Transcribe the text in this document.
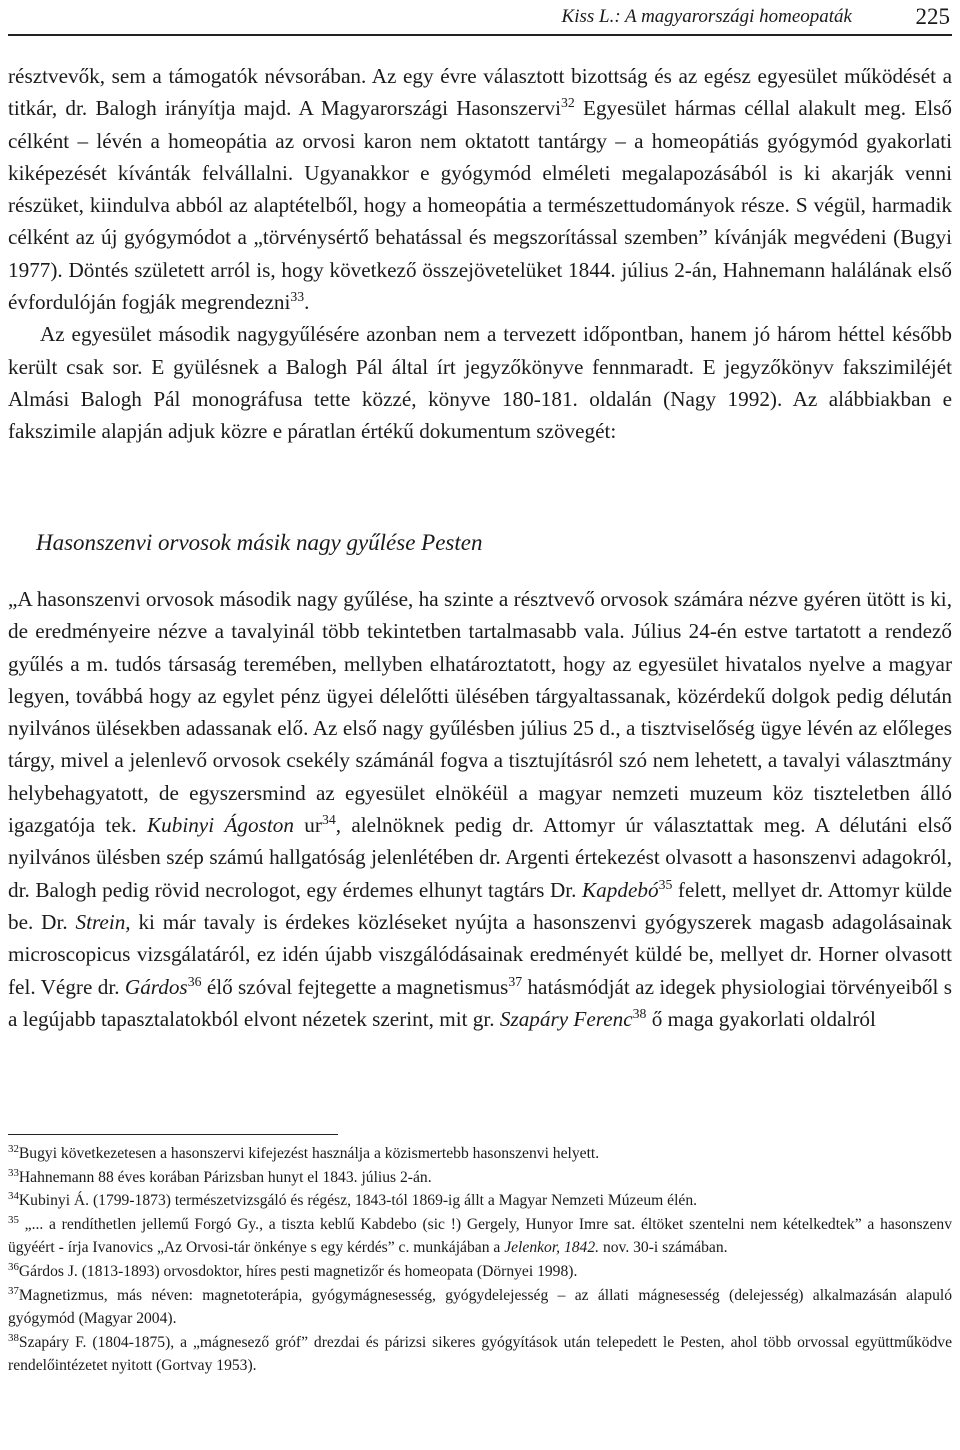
Kiss L.: A magyarországi homeopaták	225

résztvevők, sem a támogatók névsorában. Az egy évre választott bizottság és az egész egyesület működését a titkár, dr. Balogh irányítja majd. A Magyarországi Hasonszervi$^{32}$ Egyesület hármas céllal alakult meg. Első célként – lévén a homeopátia az orvosi karon nem oktatott tantárgy – a homeopátiás gyógymód gyakorlati kiképezését kívánták felvállalni. Ugyanakkor e gyógymód elméleti megalapozásából is ki akarják venni részüket, kiindulva abból az alaptételből, hogy a homeopátia a természettudományok része. S végül, harmadik célként az új gyógymódot a „törvénysértő behatással és megszorítással szemben” kívánják megvédeni (Bugyi 1977). Döntés született arról is, hogy következő összejövetelüket 1844. július 2-án, Hahnemann halálának első évfordulóján fogják megrendezni$^{33}$.

Az egyesület második nagygyűlésére azonban nem a tervezett időpontban, hanem jó három héttel később került csak sor. E gyülésnek a Balogh Pál által írt jegyzőkönyve fennmaradt. E jegyzőkönyv fakszimiléjét Almási Balogh Pál monográfusa tette közzé, könyve 180-181. oldalán (Nagy 1992). Az alábbiakban e fakszimile alapján adjuk közre e páratlan értékű dokumentum szövegét:

Hasonszenvi orvosok másik nagy gyűlése Pesten

„A hasonszenvi orvosok második nagy gyűlése, ha szinte a résztvevő orvosok számára nézve gyéren ütött is ki, de eredményeire nézve a tavalyinál több tekintetben tartalmasabb vala. Július 24-én estve tartatott a rendező gyűlés a m. tudós társaság teremében, mellyben elhatároztatott, hogy az egyesület hivatalos nyelve a magyar legyen, továbbá hogy az egylet pénz ügyei délelőtti ülésében tárgyaltassanak, közérdekű dolgok pedig délután nyilvános ülésekben adassanak elő. Az első nagy gyűlésben július 25 d., a tisztviselőség ügye lévén az előleges tárgy, mivel a jelenlevő orvosok csekély számánál fogva a tisztujításról szó nem lehetett, a tavalyi választmány helybehagyatott, de egyszersmind az egyesület elnökéül a magyar nemzeti muzeum köz tiszteletben álló igazgatója tek. Kubinyi Ágoston $ur^{34}$, alelnöknek pedig dr. Attomyr úr választattak meg. A délutáni első nyilvános ülésben szép számú hallgatóság jelenlétében dr. Argenti értekezést olvasott a hasonszenvi adagokról, dr. Balogh pedig rövid necrologot, egy érdemes elhunyt tagtárs Dr. Kapdebó$^{35}$ felett, mellyet dr. Attomyr külde be. Dr. Strein, ki már tavaly is érdekes közléseket nyújta a hasonszenvi gyógyszerek magasb adagolásainak microscopicus vizsgálatáról, ez idén újabb viszgálódásainak eredményét küldé be, mellyet dr. Horner olvasott fel. Végre dr. Gárdos$^{36}$ élő szóval fejtegette a magnetismus$^{37}$ hatásmódját az idegek physiologiai törvényeiből s a legújabb tapasztalatokból elvont nézetek szerint, mit gr. Szapáry Ferenc$^{38}$ ő maga gyakorlati oldalról

$^{32}$Bugyi következetesen a hasonszervi kifejezést használja a közismertebb hasonszenvi helyett.

$^{33}$Hahnemann 88 éves korában Párizsban hunyt el 1843. július 2-án.

$^{34}$Kubinyi Á. (1799-1873) természetvizsgáló és régész, 1843-tól 1869-ig állt a Magyar Nemzeti Múzeum élén.

$^{35}$ „... a rendíthetlen jellemű Forgó Gy., a tiszta keblű Kabdebo (sic !) Gergely, Hunyor Imre sat. éltöket szentelni nem kételkedtek” a hasonszenv ügyéért - írja Ivanovics „Az Orvosi-tár önkénye s egy kérdés” c. munkájában a Jelenkor, 1842. nov. 30-i számában.

$^{36}$Gárdos J. (1813-1893) orvosdoktor, híres pesti magnetizőr és homeopata (Dörnyei 1998).

$^{37}$Magnetizmus, más néven: magnetoterápia, gyógymágnesesség, gyógydelejesség – az állati mágnesesség (delejesség) alkalmazásán alapuló gyógymód (Magyar 2004).

$^{38}$Szapáry F. (1804-1875), a „mágnesező gróf” drezdai és párizsi sikeres gyógyítások után telepedett le Pesten, ahol több orvossal együttműködve rendelőintézetet nyitott (Gortvay 1953).
